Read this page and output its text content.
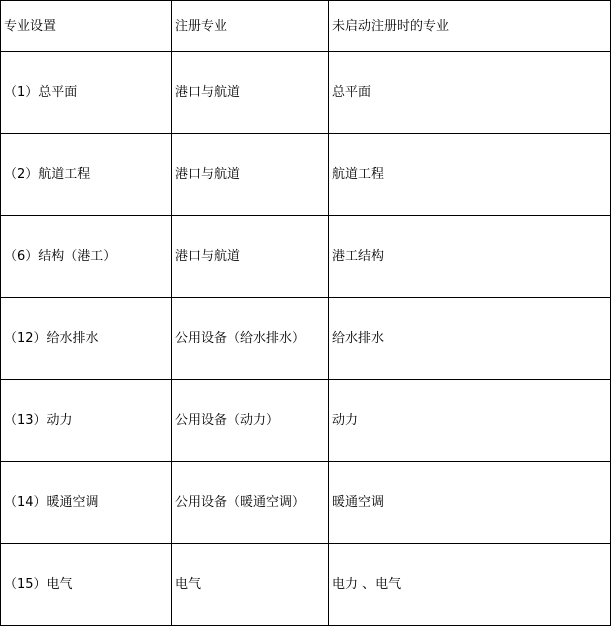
专业设置	注册专业	未启动注册时的专业
（1）总平面	港口与航道	总平面
（2）航道工程	港口与航道	航道工程
（6）结构（港工）	港口与航道	港工结构
（12）给水排水	公用设备（给水排水）	给水排水
（13）动力	公用设备（动力）	动力
（14）暖通空调	公用设备（暖通空调）	暖通空调
（15）电气	电气	电力 、电气
